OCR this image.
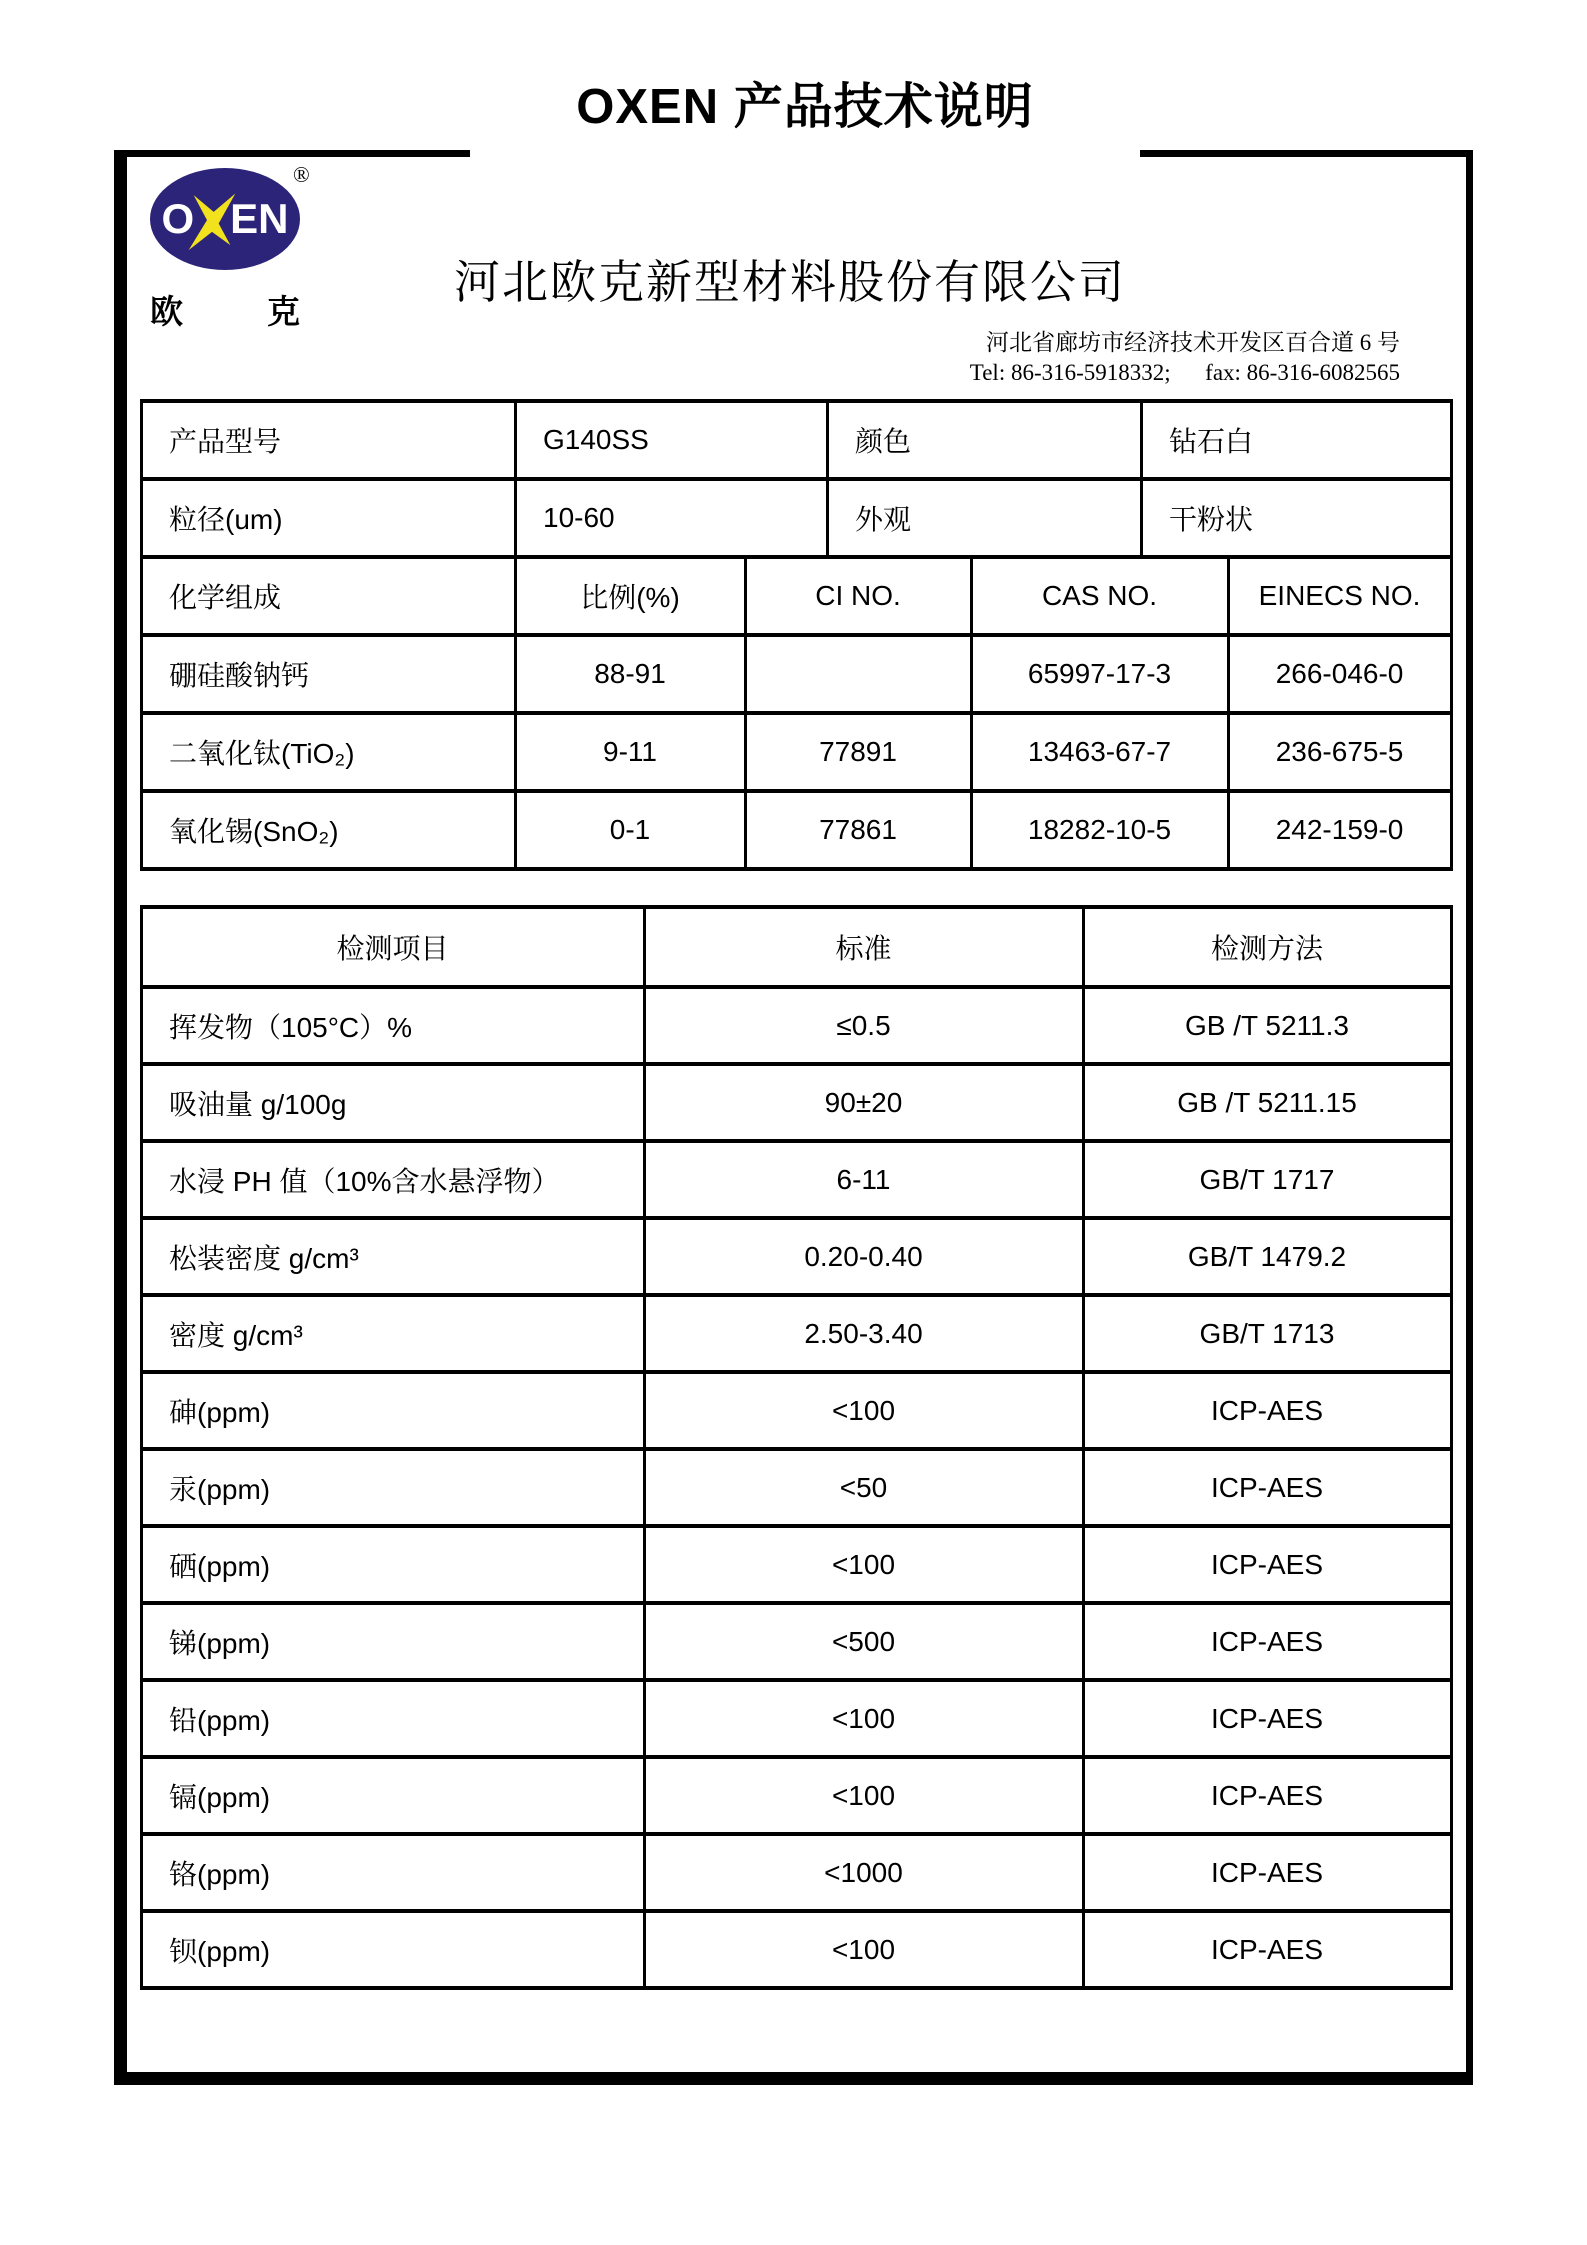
OXEN 产品技术说明
O EN
®
欧	克
河北欧克新型材料股份有限公司
河北省廊坊市经济技术开发区百合道 6 号
Tel: 86-316-5918332;      fax: 86-316-6082565
产品型号	G140SS		颜色		钻石白	
粒径(um)	10-60		外观		干粉状	
化学组成	比例(%)	CI NO.		CAS NO.		EINECS NO.
硼硅酸钠钙	88-91			65997-17-3		266-046-0
二氧化钛(TiO₂)	9-11	77891		13463-67-7		236-675-5
氧化锡(SnO₂)	0-1	77861		18282-10-5		242-159-0
检测项目	标准	检测方法
挥发物（105°C）%	≤0.5	GB /T 5211.3
吸油量 g/100g	90±20	GB /T 5211.15
水浸 PH 值（10%含水悬浮物）	6-11	GB/T 1717
松装密度 g/cm³	0.20-0.40	GB/T 1479.2
密度 g/cm³	2.50-3.40	GB/T 1713
砷(ppm)	<100	ICP-AES
汞(ppm)	<50	ICP-AES
硒(ppm)	<100	ICP-AES
锑(ppm)	<500	ICP-AES
铅(ppm)	<100	ICP-AES
镉(ppm)	<100	ICP-AES
铬(ppm)	<1000	ICP-AES
钡(ppm)	<100	ICP-AES
